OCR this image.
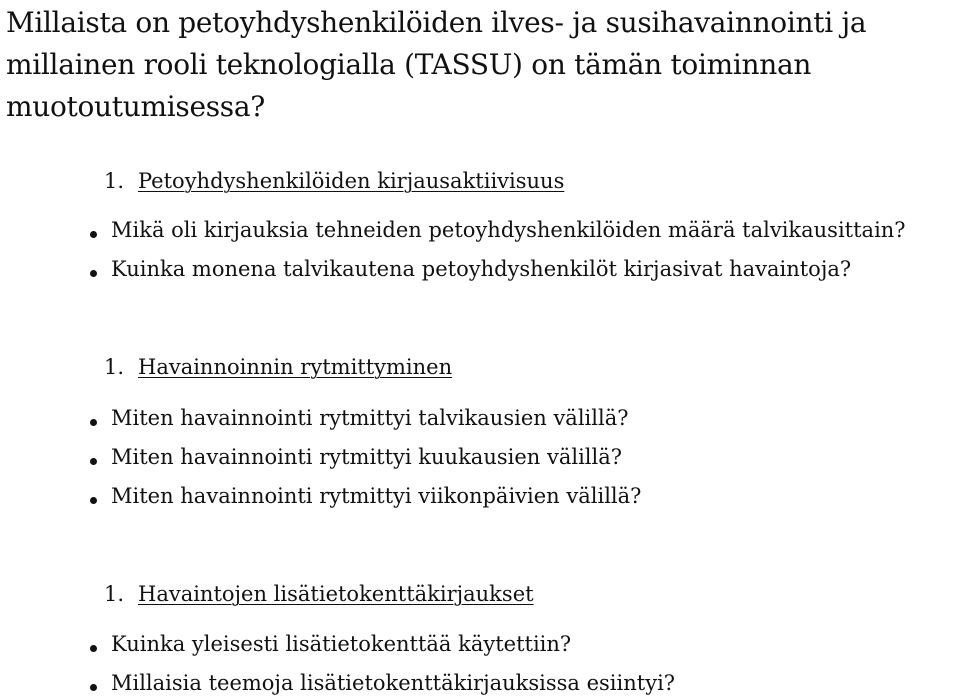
Millaista on petoyhdyshenkilöiden ilves- ja susihavainnointi ja millainen rooli teknologialla (TASSU) on tämän toiminnan muotoutumisessa?
1. Petoyhdyshenkilöiden kirjausaktiivisuus
Mikä oli kirjauksia tehneiden petoyhdyshenkilöiden määrä talvikausittain?
Kuinka monena talvikautena petoyhdyshenkilöt kirjasivat havaintoja?
1. Havainnoinnin rytmittyminen
Miten havainnointi rytmittyi talvikausien välillä?
Miten havainnointi rytmittyi kuukausien välillä?
Miten havainnointi rytmittyi viikonpäivien välillä?
1. Havaintojen lisätietokenttäkirjaukset
Kuinka yleisesti lisätietokenttää käytettiin?
Millaisia teemoja lisätietokenttäkirjauksissa esiintyi?
